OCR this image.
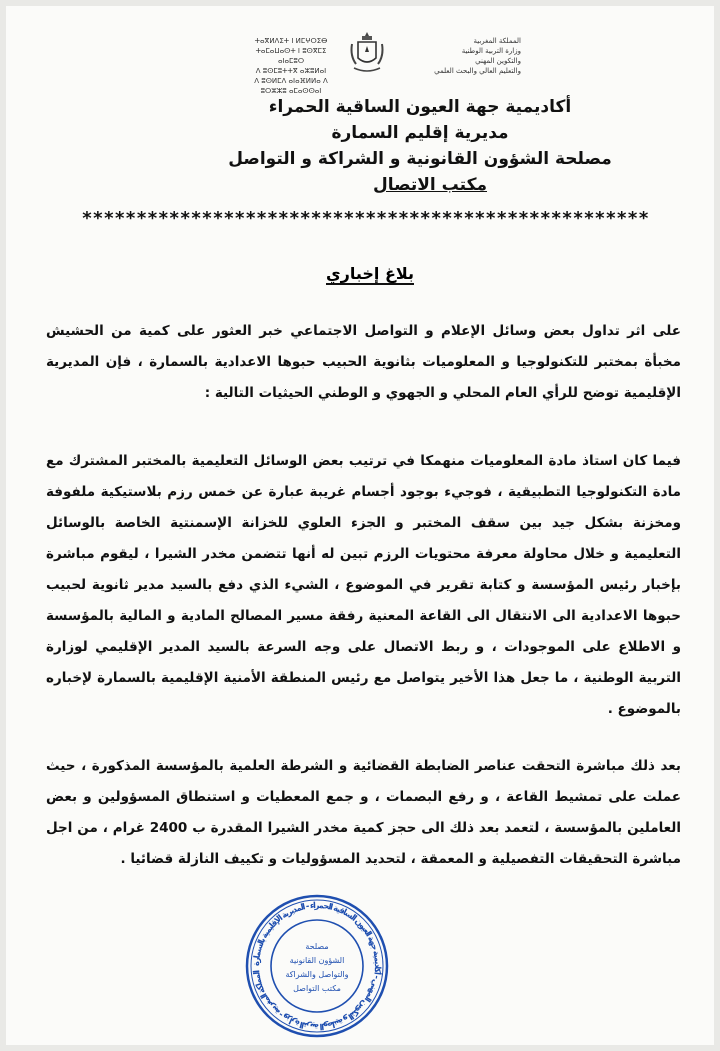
ⵜⴰⴳⵍⴷⵉⵜ ⵏ ⵍⵎⵖⵔⵉⴱ
ⵜⴰⵎⴰⵡⴰⵙⵜ ⵏ ⵓⵙⴳⵎⵉ ⴰⵏⴰⵎⵓⵔ
ⴷ ⵓⵙⵎⵓⵜⵜⴳ ⴰⵣⵓⵍⴰⵏ
ⴷ ⵓⵙⵍⵎⴷ ⴰⵏⴰⴼⵍⵍⴰ ⴷ ⵓⵔⵣⵣⵓ ⴰⵎⴰⵙⵙⴰⵏ
المملكة المغربية
وزارة التربية الوطنية
والتكوين المهني
والتعليم العالي والبحث العلمي
أكاديمية جهة العيون الساقية الحمراء
مديرية إقليم السمارة
مصلحة الشؤون القانونية و الشراكة و التواصل
مكتب الاتصال
****************************************************
بلاغ إخباري
على اثر تداول بعض وسائل الإعلام و التواصل الاجتماعي خبر العثور على كمية من الحشيش مخبأة بمختبر للتكنولوجيا و المعلوميات بثانوية الحبيب حبوها الاعدادية بالسمارة ، فإن المديرية الإقليمية توضح للرأي العام المحلي و الجهوي و الوطني الحيثيات التالية :
فيما كان استاذ مادة المعلوميات منهمكا في ترتيب بعض الوسائل التعليمية بالمختبر المشترك مع مادة التكنولوجيا التطبيقية ، فوجيء بوجود أجسام غريبة عبارة عن خمس رزم بلاستيكية ملفوفة ومخزنة بشكل جيد بين سقف المختبر و الجزء العلوي للخزانة الإسمنتية الخاصة بالوسائل التعليمية و خلال محاولة معرفة محتويات الرزم تبين له أنها تتضمن مخدر الشيرا ، ليقوم مباشرة بإخبار رئيس المؤسسة و كتابة تقرير في الموضوع ، الشيء الذي دفع بالسيد مدير ثانوية لحبيب حبوها الاعدادية الى الانتقال الى القاعة المعنية رفقة مسير المصالح المادية و المالية بالمؤسسة و الاطلاع على الموجودات ، و ربط الاتصال على وجه السرعة بالسيد المدير الإقليمي لوزارة التربية الوطنية ، ما جعل هذا الأخير يتواصل مع رئيس المنطقة الأمنية الإقليمية بالسمارة لإخباره بالموضوع .
بعد ذلك مباشرة التحقت عناصر الضابطة القضائية و الشرطة العلمية بالمؤسسة المذكورة ، حيث عملت على تمشيط القاعة ، و رفع البصمات ، و جمع المعطيات و استنطاق المسؤولين و بعض العاملين بالمؤسسة ، لتعمد بعد ذلك الى حجز كمية مخدر الشيرا المقدرة ب 2400 غرام ، من اجل مباشرة التحقيقات التفصيلية و المعمقة ، لتحديد المسؤوليات و تكييف النازلة قضائيا .
المملكة المغربية - وزارة التربية الوطنية و التكوين المهني - أكاديمية جهة العيون الساقية الحمراء - المديرية الإقليمية بالسمارة
مصلحة
الشؤون القانونية
والتواصل والشراكة
مكتب التواصل
